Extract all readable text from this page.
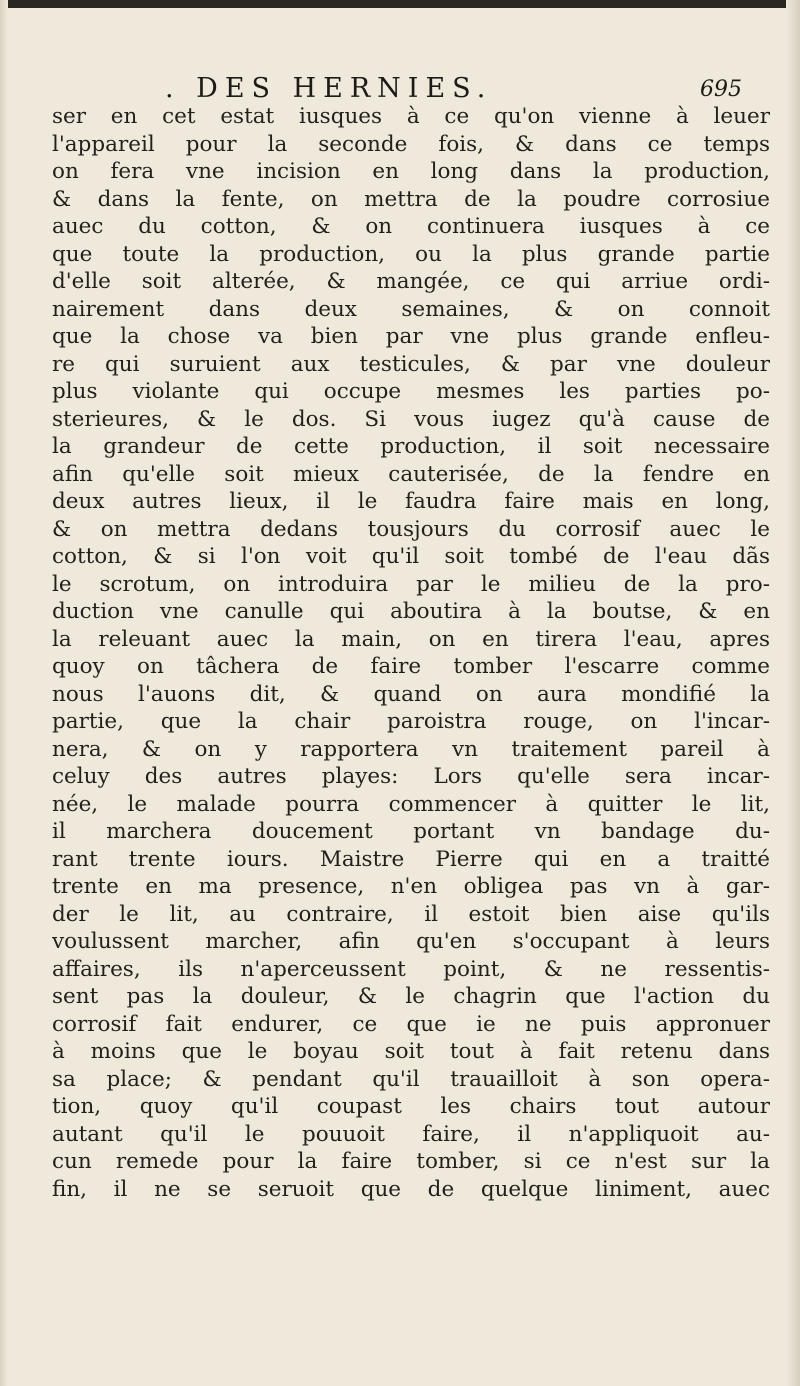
. DES HERNIES.	695
ser en cet estat iusques à ce qu'on vienne à leuer
l'appareil pour la seconde fois, & dans ce temps
on fera vne incision en long dans la production,
& dans la fente, on mettra de la poudre corrosiue
auec du cotton, & on continuera iusques à ce
que toute la production, ou la plus grande partie
d'elle soit alterée, & mangée, ce qui arriue ordi-
nairement dans deux semaines, & on connoit
que la chose va bien par vne plus grande enfleu-
re qui suruient aux testicules, & par vne douleur
plus violante qui occupe mesmes les parties po-
sterieures, & le dos. Si vous iugez qu'à cause de
la grandeur de cette production, il soit necessaire
afin qu'elle soit mieux cauterisée, de la fendre en
deux autres lieux, il le faudra faire mais en long,
& on mettra dedans tousjours du corrosif auec le
cotton, & si l'on voit qu'il soit tombé de l'eau dãs
le scrotum, on introduira par le milieu de la pro-
duction vne canulle qui aboutira à la boutse, & en
la releuant auec la main, on en tirera l'eau, apres
quoy on tâchera de faire tomber l'escarre comme
nous l'auons dit, & quand on aura mondifié la
partie, que la chair paroistra rouge, on l'incar-
nera, & on y rapportera vn traitement pareil à
celuy des autres playes: Lors qu'elle sera incar-
née, le malade pourra commencer à quitter le lit,
il marchera doucement portant vn bandage du-
rant trente iours. Maistre Pierre qui en a traitté
trente en ma presence, n'en obligea pas vn à gar-
der le lit, au contraire, il estoit bien aise qu'ils
voulussent marcher, afin qu'en s'occupant à leurs
affaires, ils n'aperceussent point, & ne ressentis-
sent pas la douleur, & le chagrin que l'action du
corrosif fait endurer, ce que ie ne puis appronuer
à moins que le boyau soit tout à fait retenu dans
sa place; & pendant qu'il trauailloit à son opera-
tion, quoy qu'il coupast les chairs tout autour
autant qu'il le pouuoit faire, il n'appliquoit au-
cun remede pour la faire tomber, si ce n'est sur la
fin, il ne se seruoit que de quelque liniment, auec
